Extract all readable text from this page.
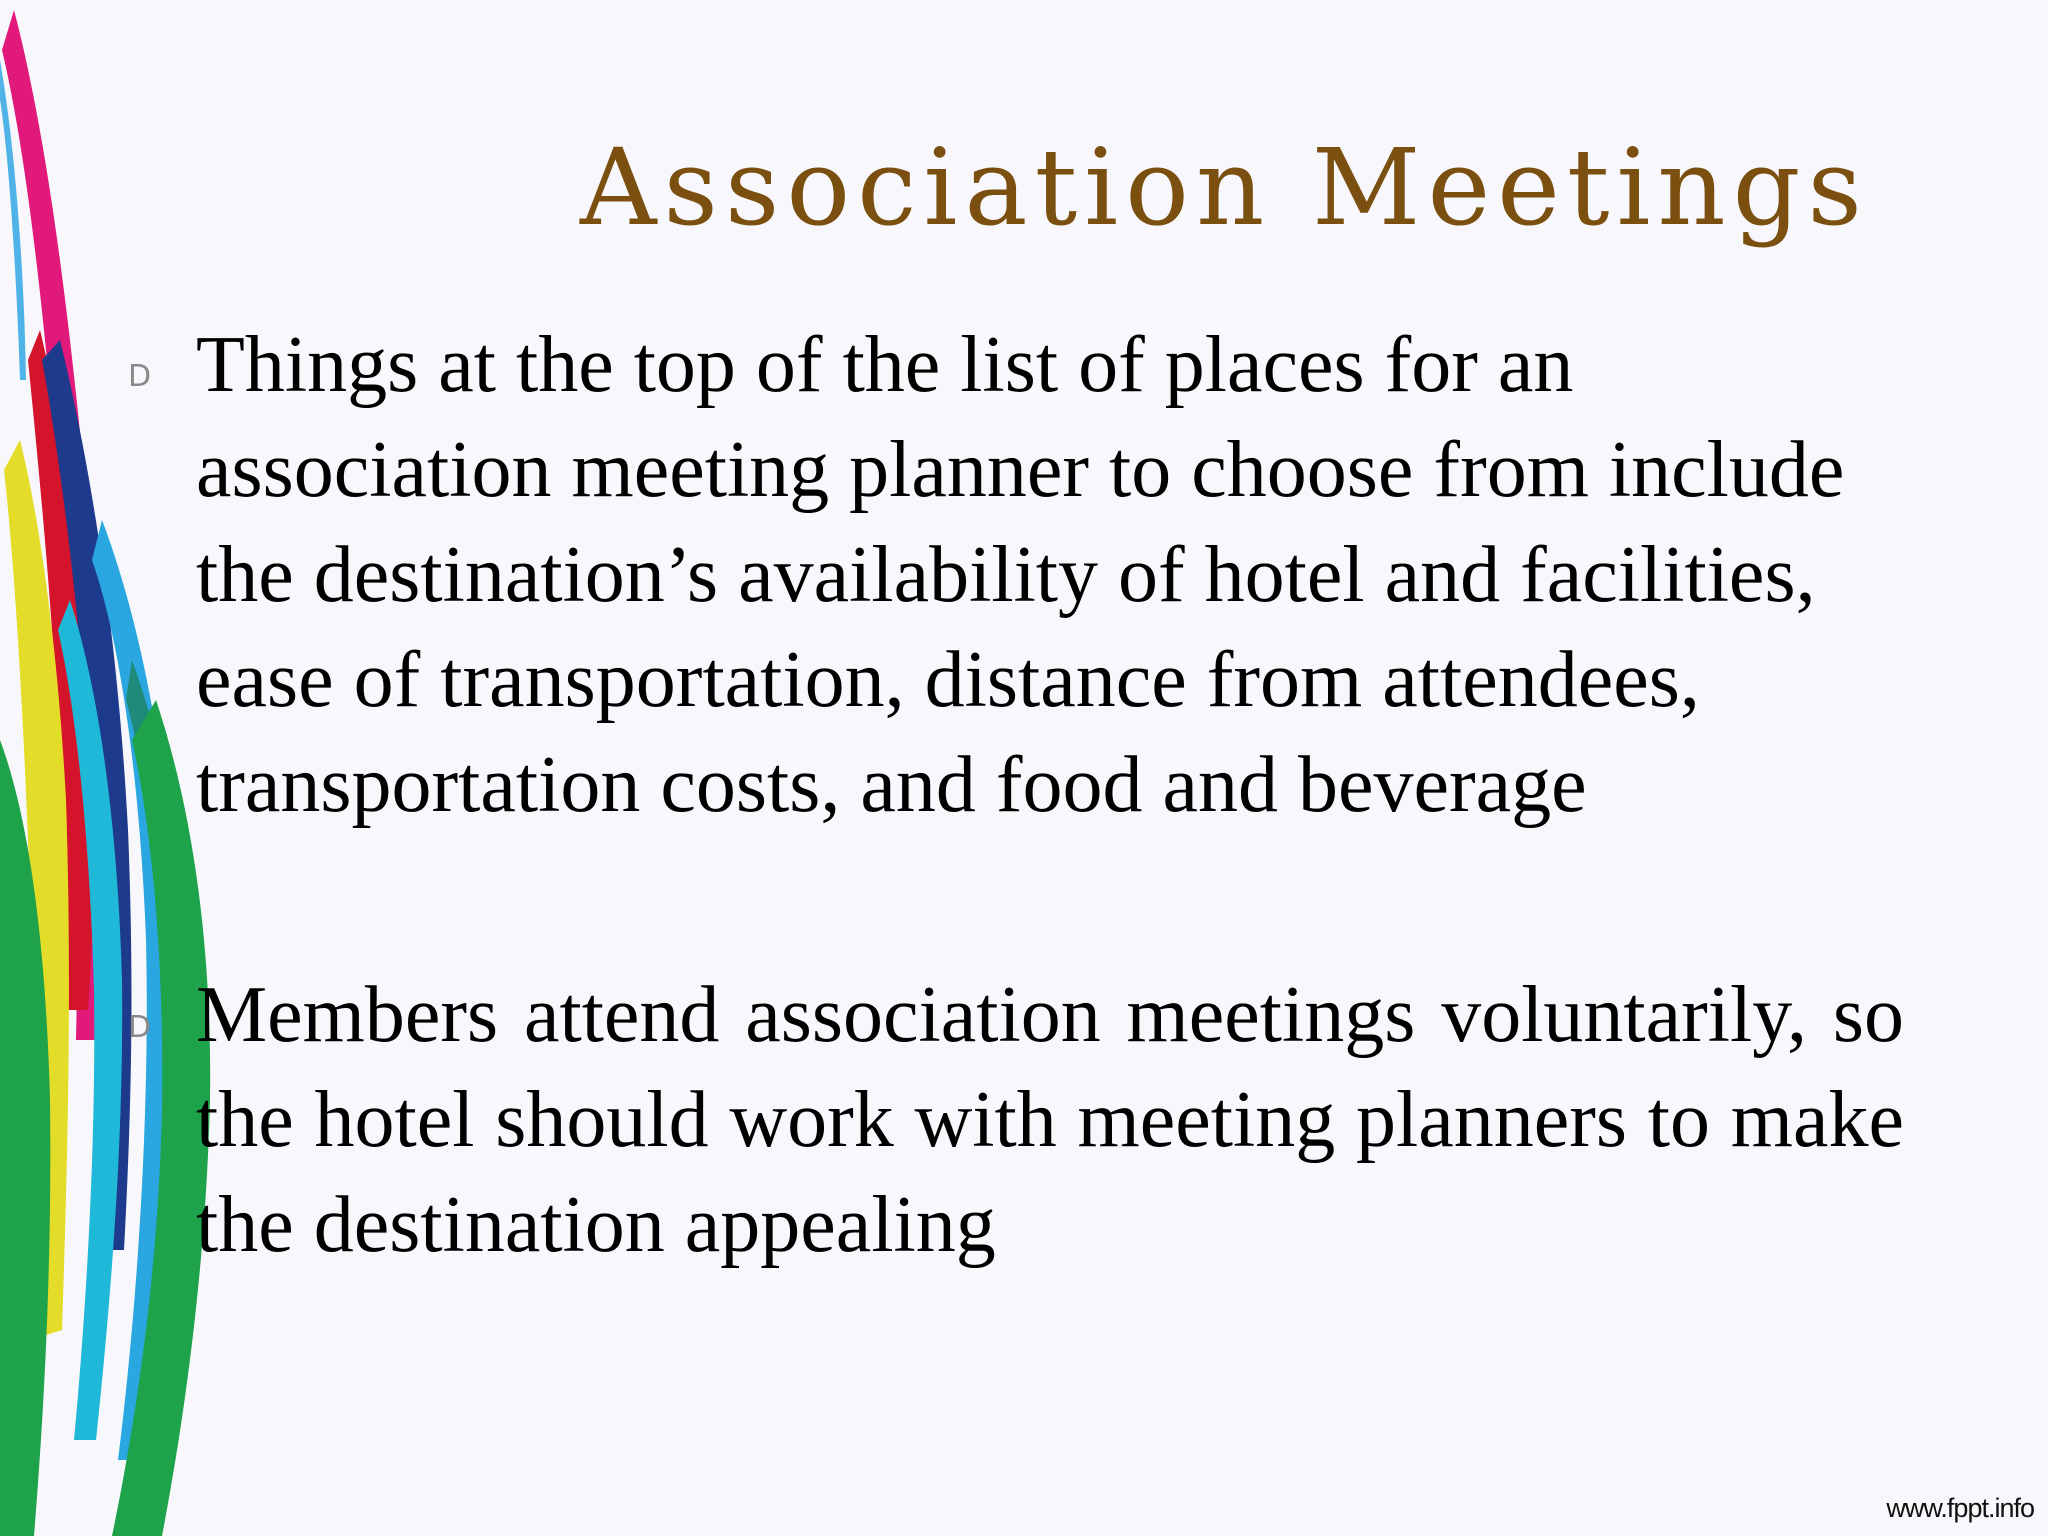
Association Meetings
D Things at the top of the list of places for an association meeting planner to choose from include the destination’s availability of hotel and facilities, ease of transportation, distance from attendees, transportation costs, and food and beverage

D Members attend association meetings voluntarily, so the hotel should work with meeting planners to make the destination appealing

www.fppt.info
